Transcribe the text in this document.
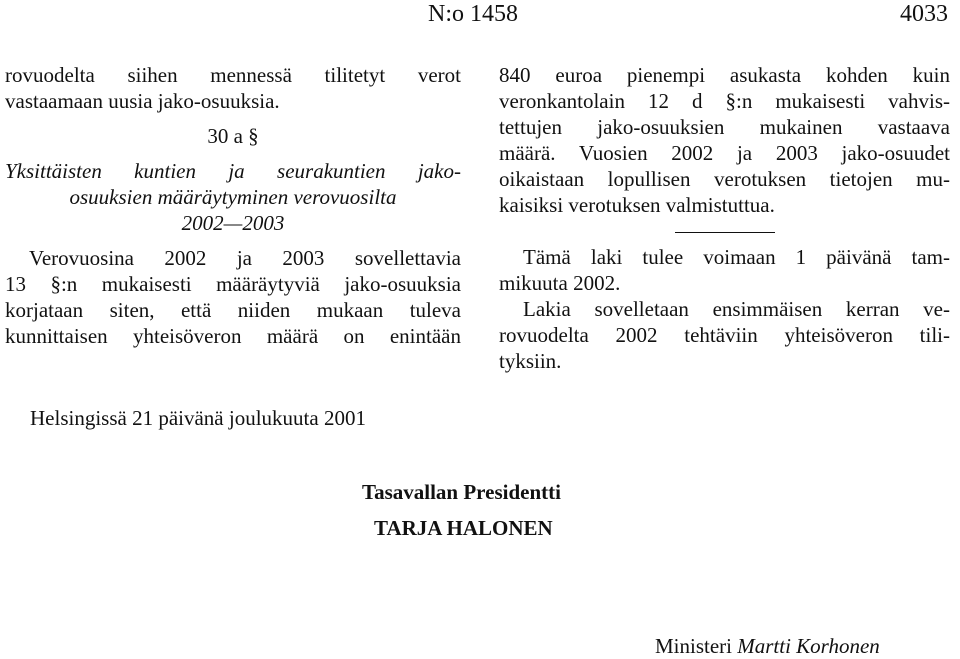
N:o 1458	4033
rovuodelta siihen mennessä tilitetyt verot
vastaamaan uusia jako-osuuksia.
30 a §
Yksittäisten kuntien ja seurakuntien jako-
osuuksien määräytyminen verovuosilta
2002—2003
Verovuosina 2002 ja 2003 sovellettavia
13 §:n mukaisesti määräytyviä jako-osuuksia
korjataan siten, että niiden mukaan tuleva
kunnittaisen yhteisöveron määrä on enintään
840 euroa pienempi asukasta kohden kuin
veronkantolain 12 d §:n mukaisesti vahvis-
tettujen jako-osuuksien mukainen vastaava
määrä. Vuosien 2002 ja 2003 jako-osuudet
oikaistaan lopullisen verotuksen tietojen mu-
kaisiksi verotuksen valmistuttua.
Tämä laki tulee voimaan 1 päivänä tam-
mikuuta 2002.
Lakia sovelletaan ensimmäisen kerran ve-
rovuodelta 2002 tehtäviin yhteisöveron tili-
tyksiin.
Helsingissä 21 päivänä joulukuuta 2001
Tasavallan Presidentti
TARJA HALONEN
Ministeri Martti Korhonen
